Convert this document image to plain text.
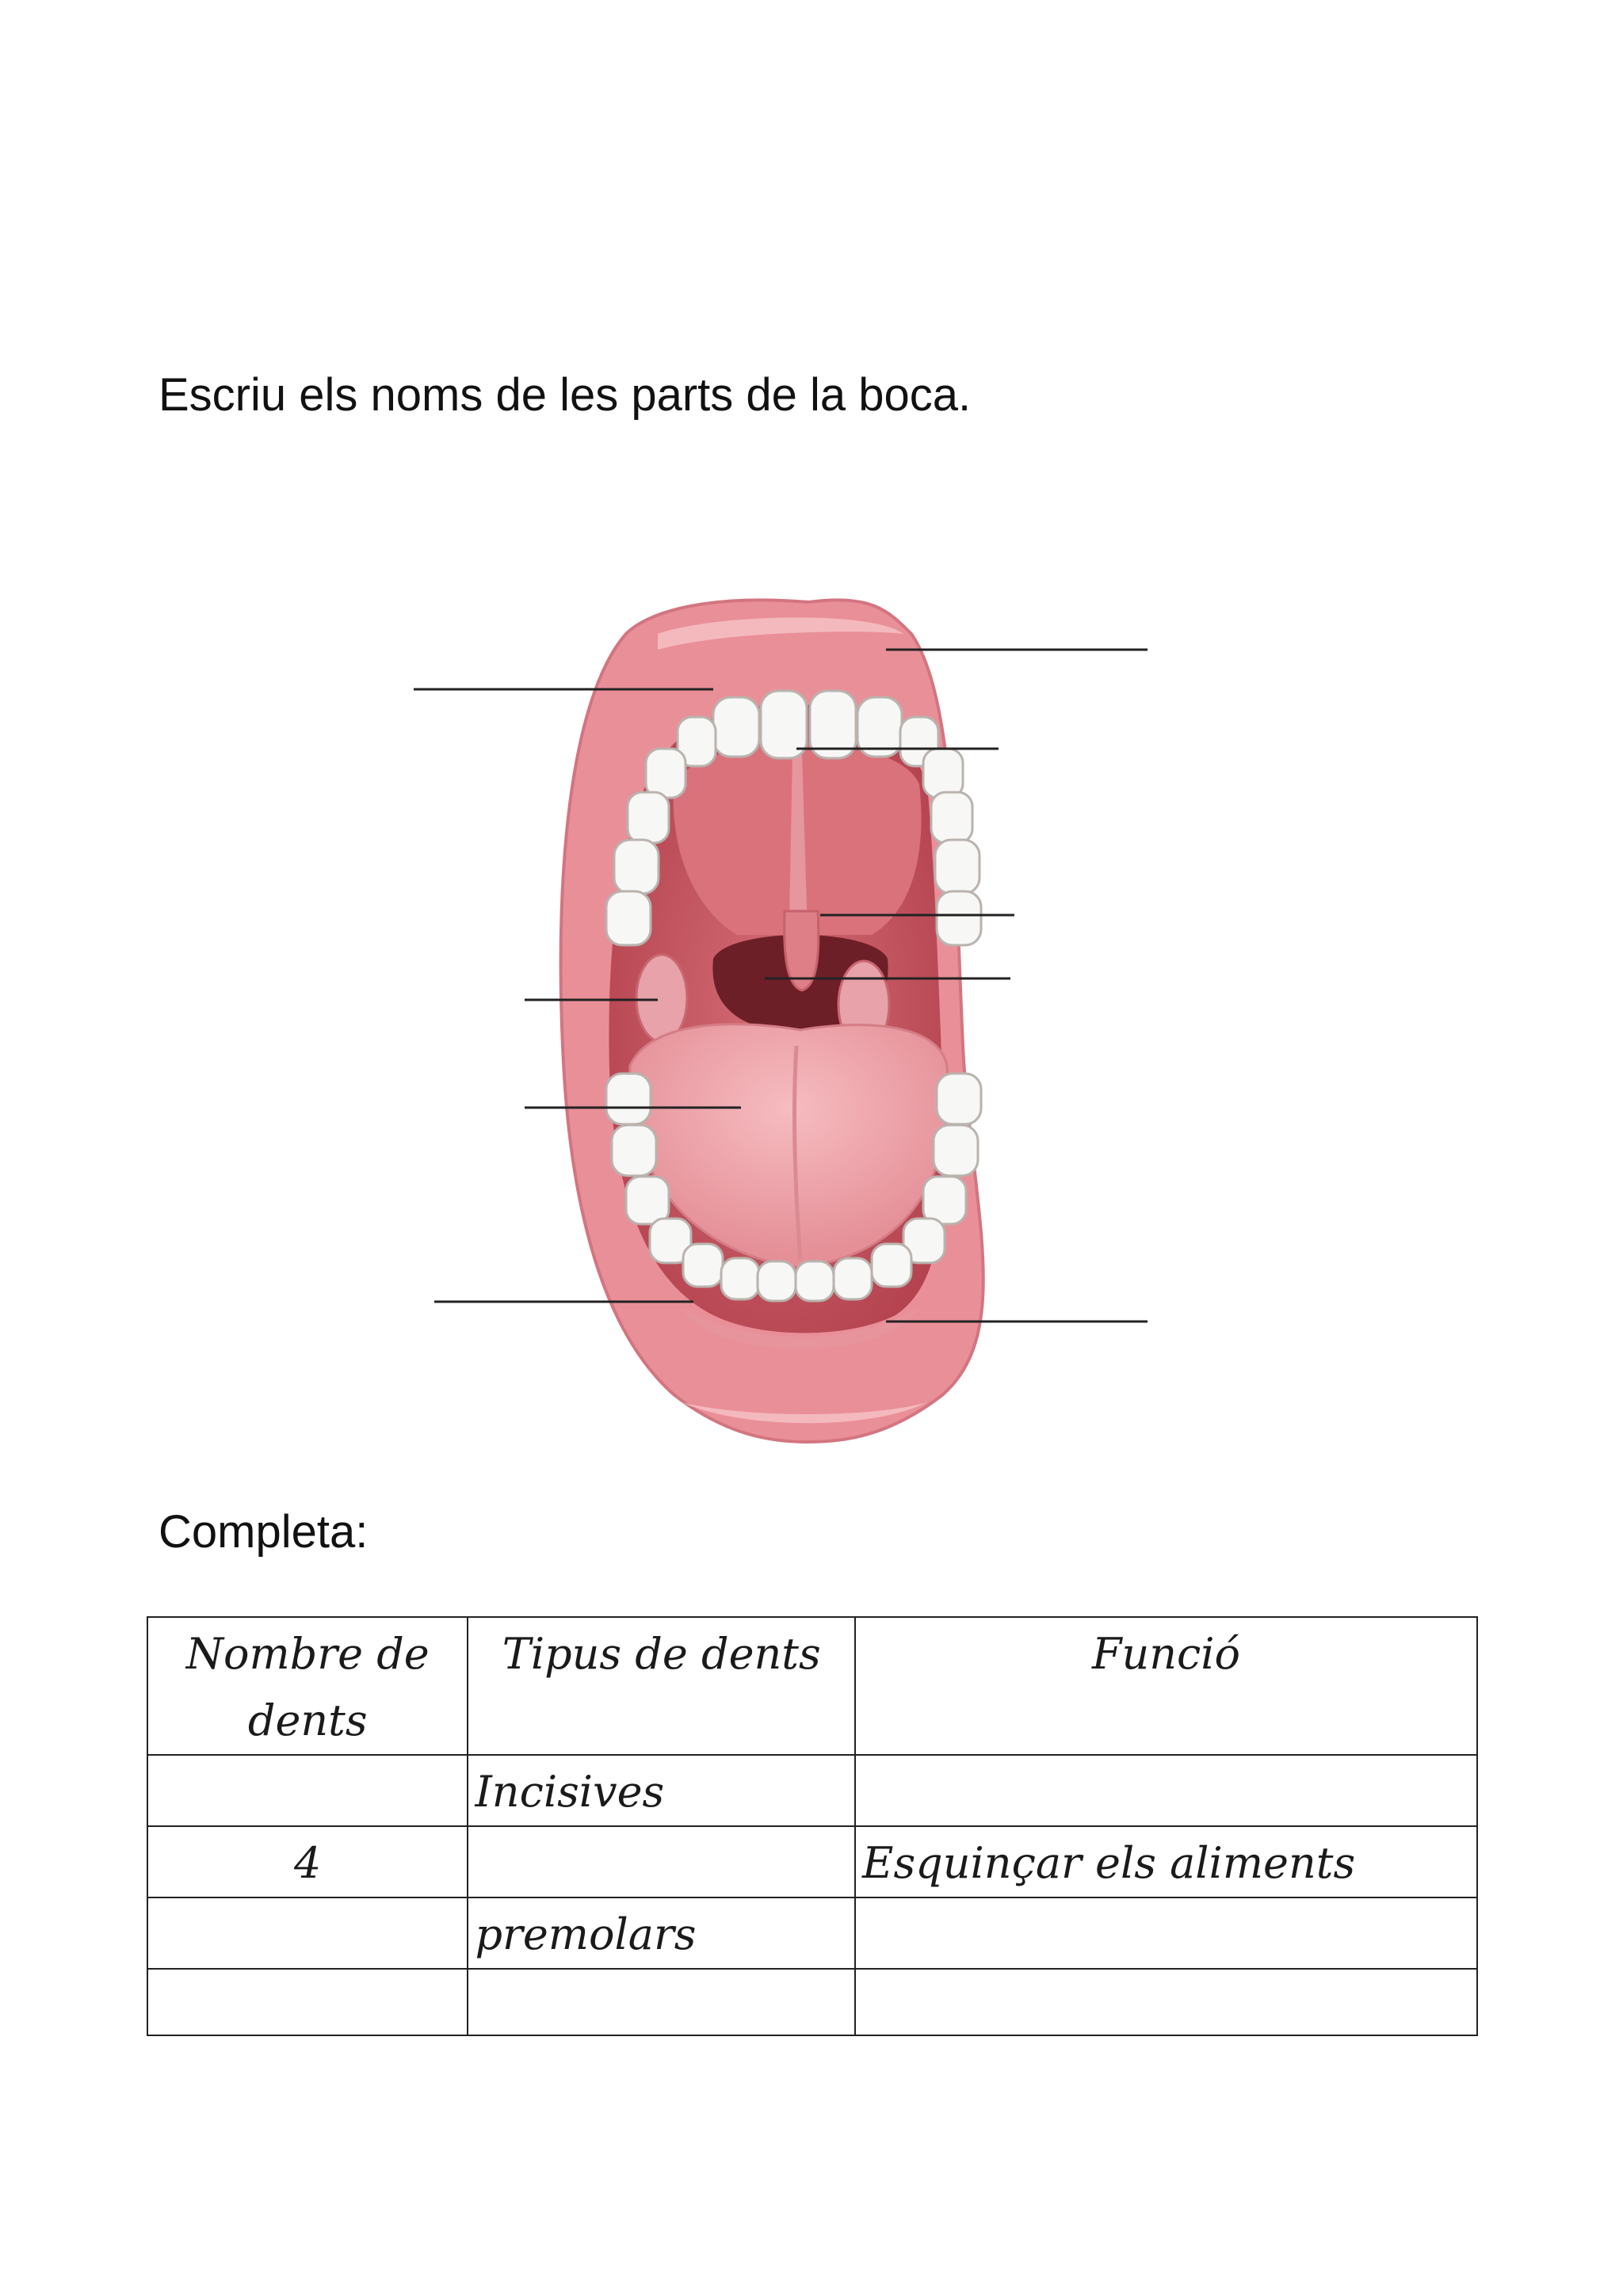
Escriu els noms de les parts de la boca.

Completa:

Nombre de dents	Tipus de dents	Funció
	Incisives	
4		Esquinçar els aliments
	premolars	
